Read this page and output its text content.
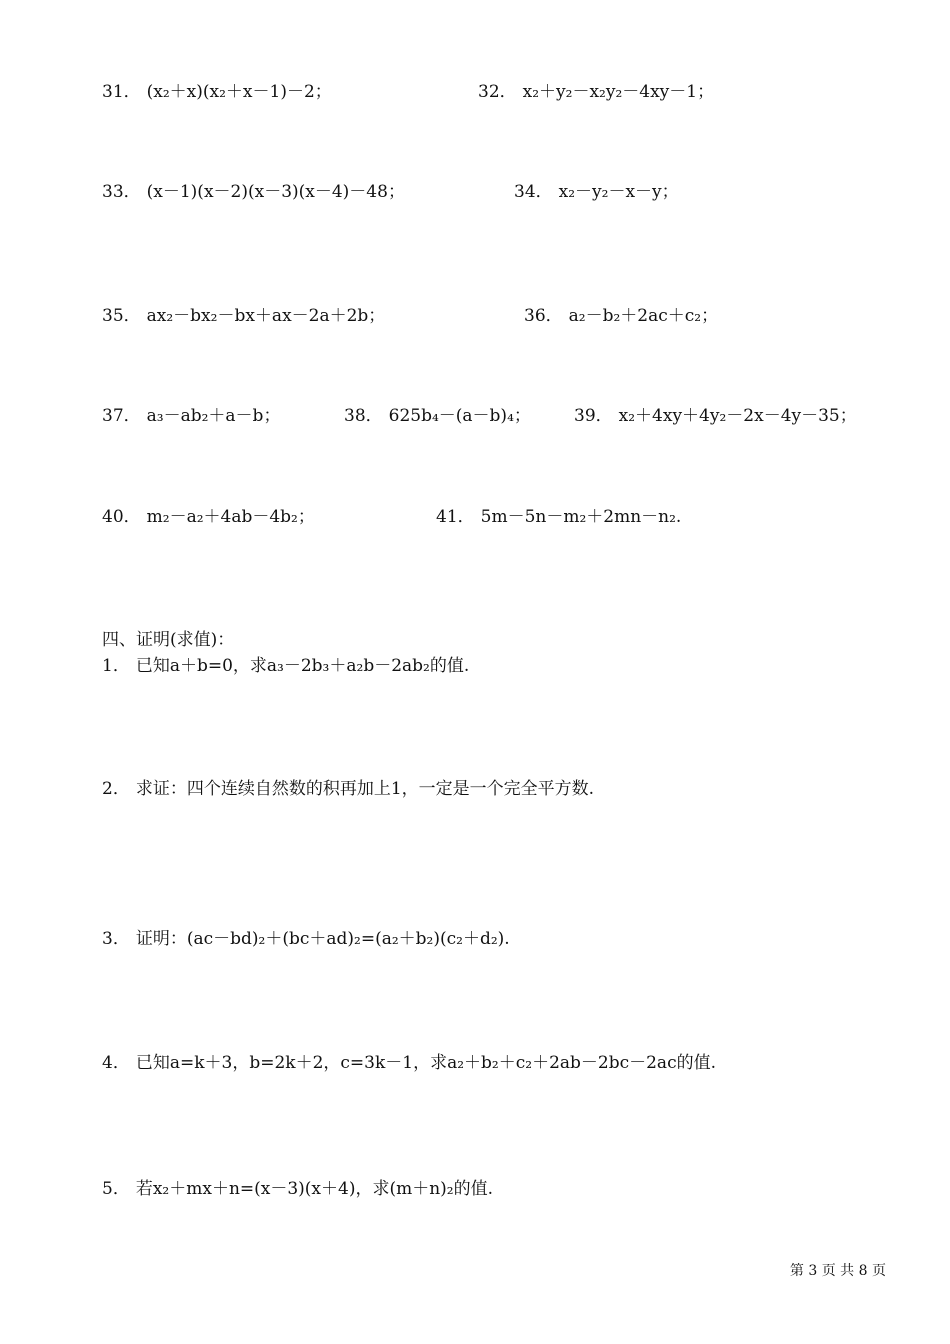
31． (x₂＋x)(x₂＋x－1)－2；	32． x₂＋y₂－x₂y₂－4xy－1；
33． (x－1)(x－2)(x－3)(x－4)－48；	34． x₂－y₂－x－y；
35． ax₂－bx₂－bx＋ax－2a＋2b；	36． a₂－b₂＋2ac＋c₂；
37． a₃－ab₂＋a－b；	38． 625b₄－(a－b)₄；	39． x₂＋4xy＋4y₂－2x－4y－35；
40． m₂－a₂＋4ab－4b₂；	41． 5m－5n－m₂＋2mn－n₂.
四、证明(求值)：
1． 已知a＋b=0，求a₃－2b₃＋a₂b－2ab₂的值.
2． 求证：四个连续自然数的积再加上1，一定是一个完全平方数.
3． 证明：(ac－bd)₂＋(bc＋ad)₂=(a₂＋b₂)(c₂＋d₂).
4． 已知a=k＋3，b=2k＋2，c=3k－1，求a₂＋b₂＋c₂＋2ab－2bc－2ac的值.
5． 若x₂＋mx＋n=(x－3)(x＋4)，求(m＋n)₂的值.
第 3 页 共 8 页
